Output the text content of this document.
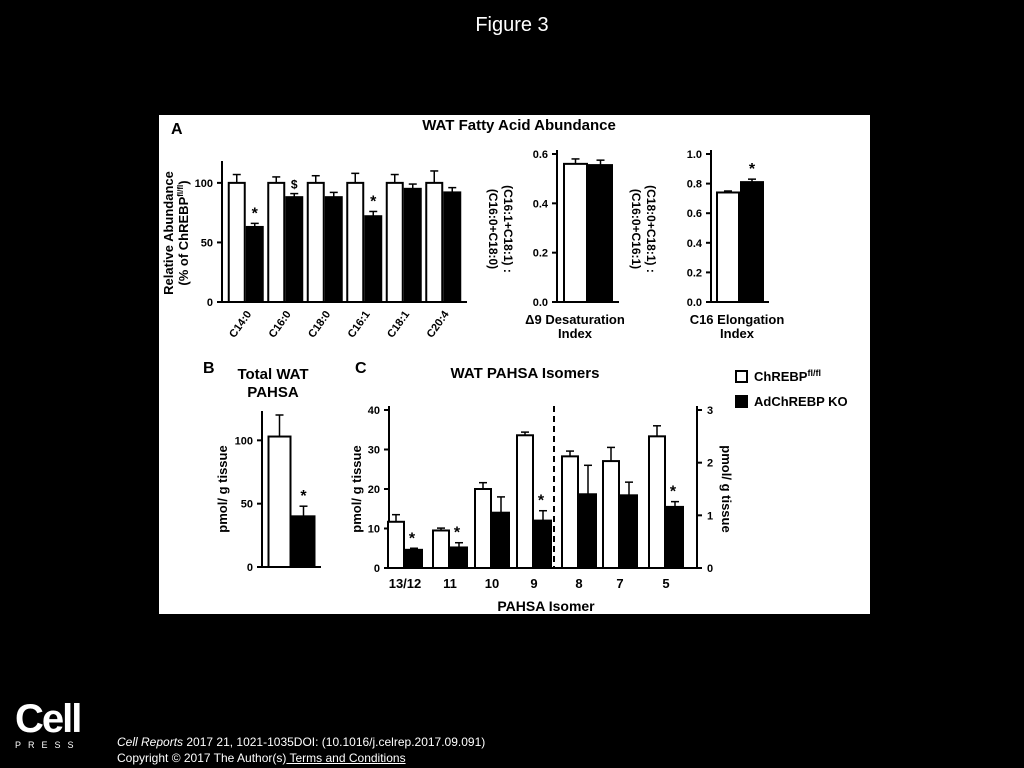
Figure 3
A	WAT Fatty Acid Abundance
0
50
100
C14:0 C16:0 C18:0 C16:1 C18:1 C20:4
*
$
*
Relative Abundance(% of ChREBP$^{fl/fl}$)
0.0
0.2
0.4
0.6
(C16:1+C18:1) :
(C16:0+C18:0)
Δ9 Desaturation
Index
0.0
0.2
0.4
0.6
0.8
1.0
*
(C18:0+C18:1) :
(C16:0+C16:1)
C16 Elongation
Index
B Total WAT
PAHSA
0
50
100
*
pmol/ g tissue
C	WAT PAHSA Isomers
0
10
20
30
40
0
1
2
3
13/12 11 10 9	8	7	5
* *
*
*
pmol/ g tissue	pmol/ g tissue
PAHSA Isomer
ChREBP$^{fl/fl}$
AdChREBP KO
Cell
PRESS	Cell Reports 2017 21, 1021-1035DOI: (10.1016/j.celrep.2017.09.091)
Copyright © 2017 The Author(s) Terms and Conditions
